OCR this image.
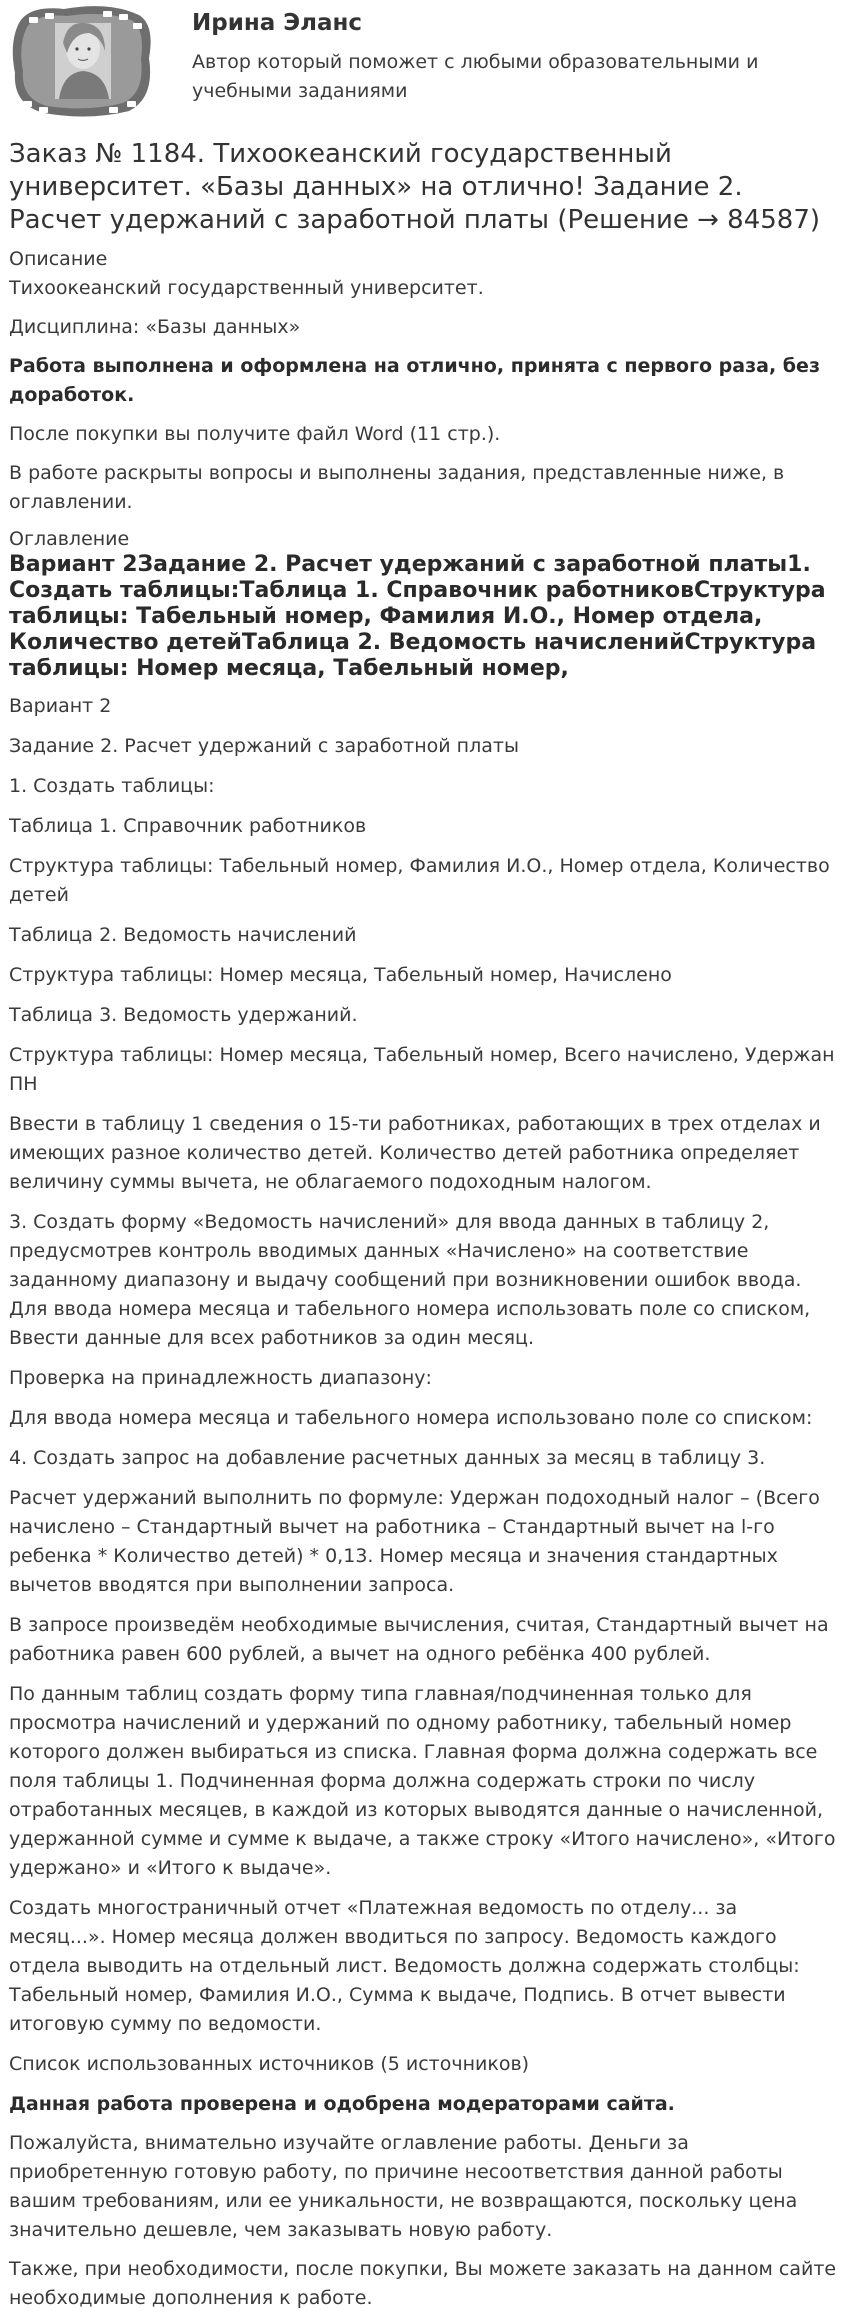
Ирина Эланс

Автор который поможет с любыми образовательными и учебными заданиями

Заказ № 1184. Тихоокеанский государственный университет. «Базы данных» на отлично! Задание 2. Расчет удержаний с заработной платы (Решение → 84587)
Описание

Тихоокеанский государственный университет.

Дисциплина: «Базы данных»

Работа выполнена и оформлена на отлично, принята с первого раза, без доработок.

После покупки вы получите файл Word (11 стр.).

В работе раскрыты вопросы и выполнены задания, представленные ниже, в оглавлении.

Оглавление
Вариант 2Задание 2. Расчет удержаний с заработной платы1. Создать таблицы:Таблица 1. Справочник работниковСтруктура таблицы: Табельный номер, Фамилия И.О., Номер отдела, Количество детейТаблица 2. Ведомость начисленийСтруктура таблицы: Номер месяца, Табельный номер,

Вариант 2

Задание 2. Расчет удержаний с заработной платы

1. Создать таблицы:

Таблица 1. Справочник работников

Структура таблицы: Табельный номер, Фамилия И.О., Номер отдела, Количество детей

Таблица 2. Ведомость начислений

Структура таблицы: Номер месяца, Табельный номер, Начислено

Таблица 3. Ведомость удержаний.

Структура таблицы: Номер месяца, Табельный номер, Всего начислено, Удержан ПН

Ввести в таблицу 1 сведения о 15-ти работниках, работающих в трех отделах и имеющих разное количество детей. Количество детей работника определяет величину суммы вычета, не облагаемого подоходным налогом.

3. Создать форму «Ведомость начислений» для ввода данных в таблицу 2, предусмотрев контроль вводимых данных «Начислено» на соответствие заданному диапазону и выдачу сообщений при возникновении ошибок ввода. Для ввода номера месяца и табельного номера использовать поле со списком, Ввести данные для всех работников за один месяц.

Проверка на принадлежность диапазону:

Для ввода номера месяца и табельного номера использовано поле со списком:

4. Создать запрос на добавление расчетных данных за месяц в таблицу 3.

Расчет удержаний выполнить по формуле: Удержан подоходный налог – (Всего начислено – Стандартный вычет на работника – Стандартный вычет на l-го ребенка * Количество детей) * 0,13. Номер месяца и значения стандартных вычетов вводятся при выполнении запроса.

В запросе произведём необходимые вычисления, считая, Стандартный вычет на работника равен 600 рублей, а вычет на одного ребёнка 400 рублей.

По данным таблиц создать форму типа главная/подчиненная только для просмотра начислений и удержаний по одному работнику, табельный номер которого должен выбираться из списка. Главная форма должна содержать все поля таблицы 1. Подчиненная форма должна содержать строки по числу отработанных месяцев, в каждой из которых выводятся данные о начисленной, удержанной сумме и сумме к выдаче, а также строку «Итого начислено», «Итого удержано» и «Итого к выдаче».

Создать многостраничный отчет «Платежная ведомость по отделу... за месяц...». Номер месяца должен вводиться по запросу. Ведомость каждого отдела выводить на отдельный лист. Ведомость должна содержать столбцы: Табельный номер, Фамилия И.О., Сумма к выдаче, Подпись. В отчет вывести итоговую сумму по ведомости.

Список использованных источников (5 источников)

Данная работа проверена и одобрена модераторами сайта.

Пожалуйста, внимательно изучайте оглавление работы. Деньги за приобретенную готовую работу, по причине несоответствия данной работы вашим требованиям, или ее уникальности, не возвращаются, поскольку цена значительно дешевле, чем заказывать новую работу.

Также, при необходимости, после покупки, Вы можете заказать на данном сайте необходимые дополнения к работе.
